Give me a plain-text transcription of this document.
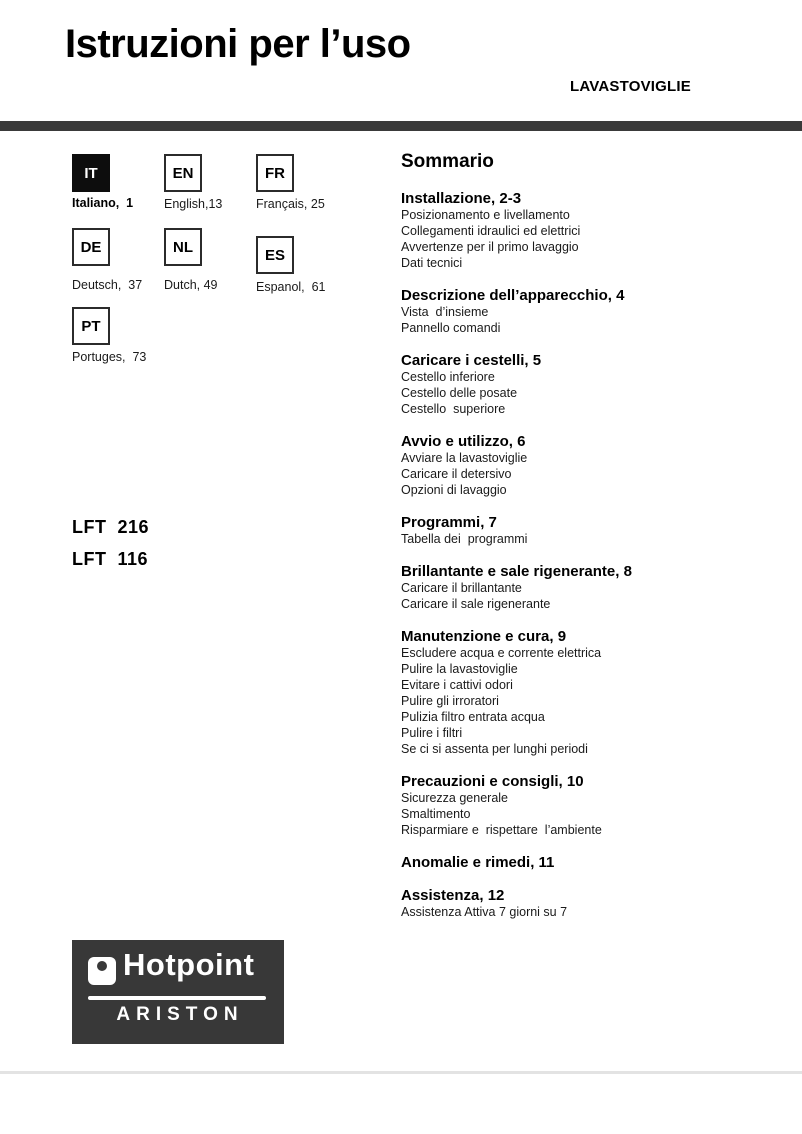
Istruzioni per l’uso
LAVASTOVIGLIE
IT
Italiano,  1
EN
English,13
FR
Français, 25
DE
Deutsch,  37
NL
Dutch, 49
ES
Espanol,  61
PT
Portuges,  73
LFT  216
LFT  116
Sommario
Installazione, 2-3
Posizionamento e livellamento
Collegamenti idraulici ed elettrici
Avvertenze per il primo lavaggio
Dati tecnici
Descrizione dell’apparecchio, 4
Vista  d’insieme
Pannello comandi
Caricare i cestelli, 5
Cestello inferiore
Cestello delle posate
Cestello  superiore
Avvio e utilizzo, 6
Avviare la lavastoviglie
Caricare il detersivo
Opzioni di lavaggio
Programmi, 7
Tabella dei  programmi
Brillantante e sale rigenerante, 8
Caricare il brillantante
Caricare il sale rigenerante
Manutenzione e cura, 9
Escludere acqua e corrente elettrica
Pulire la lavastoviglie
Evitare i cattivi odori
Pulire gli irroratori
Pulizia filtro entrata acqua
Pulire i filtri
Se ci si assenta per lunghi periodi
Precauzioni e consigli, 10
Sicurezza generale
Smaltimento
Risparmiare e  rispettare  l’ambiente
Anomalie e rimedi, 11
Assistenza, 12
Assistenza Attiva 7 giorni su 7
Hotpoint
ARISTON
